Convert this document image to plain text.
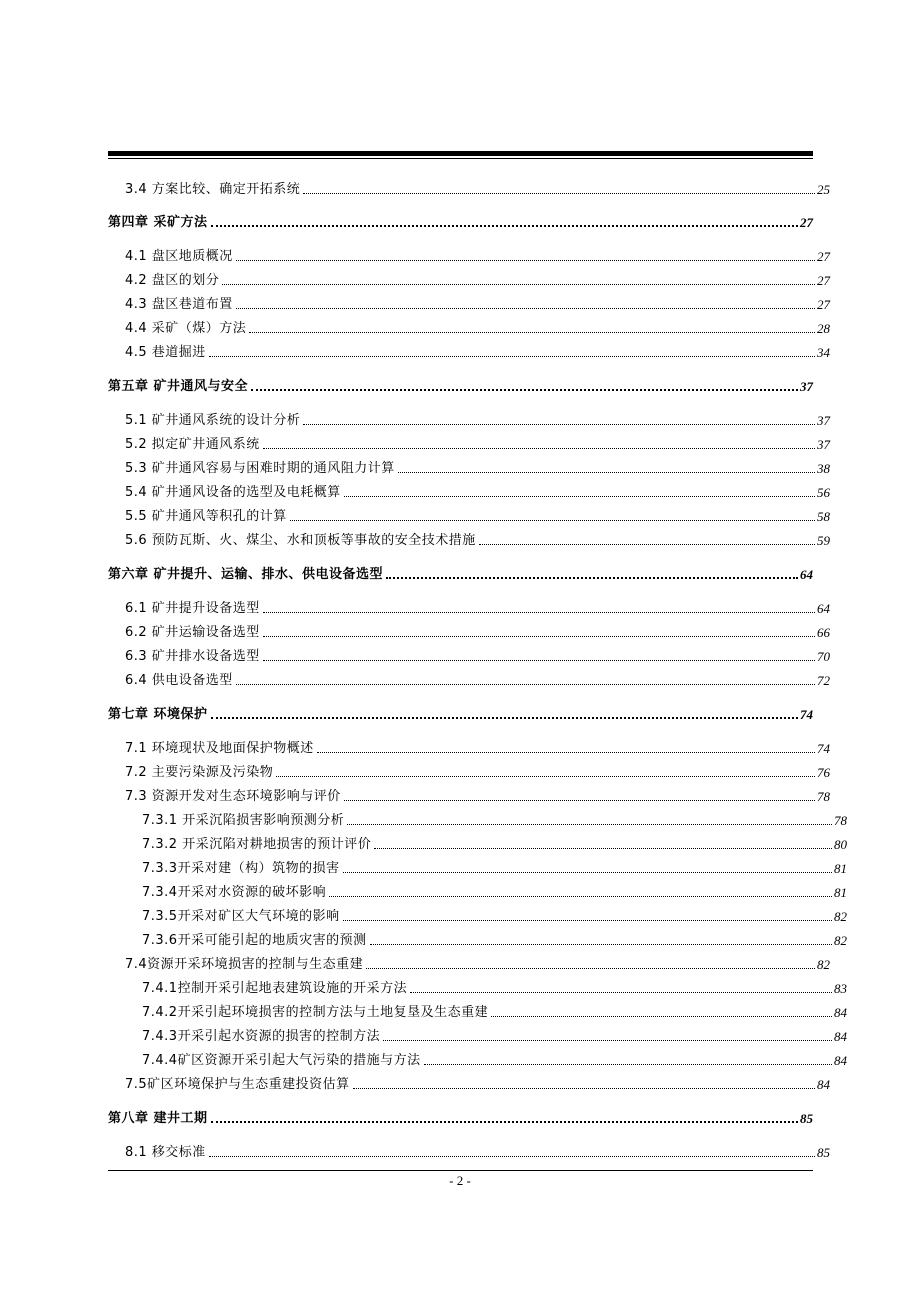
3.4 方案比较、确定开拓系统	25
第四章 采矿方法	27
4.1 盘区地质概况	27
4.2 盘区的划分	27
4.3 盘区巷道布置	27
4.4 采矿（煤）方法	28
4.5 巷道掘进	34
第五章 矿井通风与安全	37
5.1 矿井通风系统的设计分析	37
5.2 拟定矿井通风系统	37
5.3 矿井通风容易与困难时期的通风阻力计算	38
5.4 矿井通风设备的选型及电耗概算	56
5.5 矿井通风等积孔的计算	58
5.6 预防瓦斯、火、煤尘、水和顶板等事故的安全技术措施	59
第六章 矿井提升、运输、排水、供电设备选型	64
6.1 矿井提升设备选型	64
6.2 矿井运输设备选型	66
6.3 矿井排水设备选型	70
6.4 供电设备选型	72
第七章 环境保护	74
7.1 环境现状及地面保护物概述	74
7.2 主要污染源及污染物	76
7.3 资源开发对生态环境影响与评价	78
7.3.1 开采沉陷损害影响预测分析	78
7.3.2 开采沉陷对耕地损害的预计评价	80
7.3.3开采对建（构）筑物的损害	81
7.3.4开采对水资源的破坏影响	81
7.3.5开采对矿区大气环境的影响	82
7.3.6开采可能引起的地质灾害的预测	82
7.4资源开采环境损害的控制与生态重建	82
7.4.1控制开采引起地表建筑设施的开采方法	83
7.4.2开采引起环境损害的控制方法与土地复垦及生态重建	84
7.4.3开采引起水资源的损害的控制方法	84
7.4.4矿区资源开采引起大气污染的措施与方法	84
7.5矿区环境保护与生态重建投资估算	84
第八章 建井工期	85
8.1 移交标准	85
- 2 -
